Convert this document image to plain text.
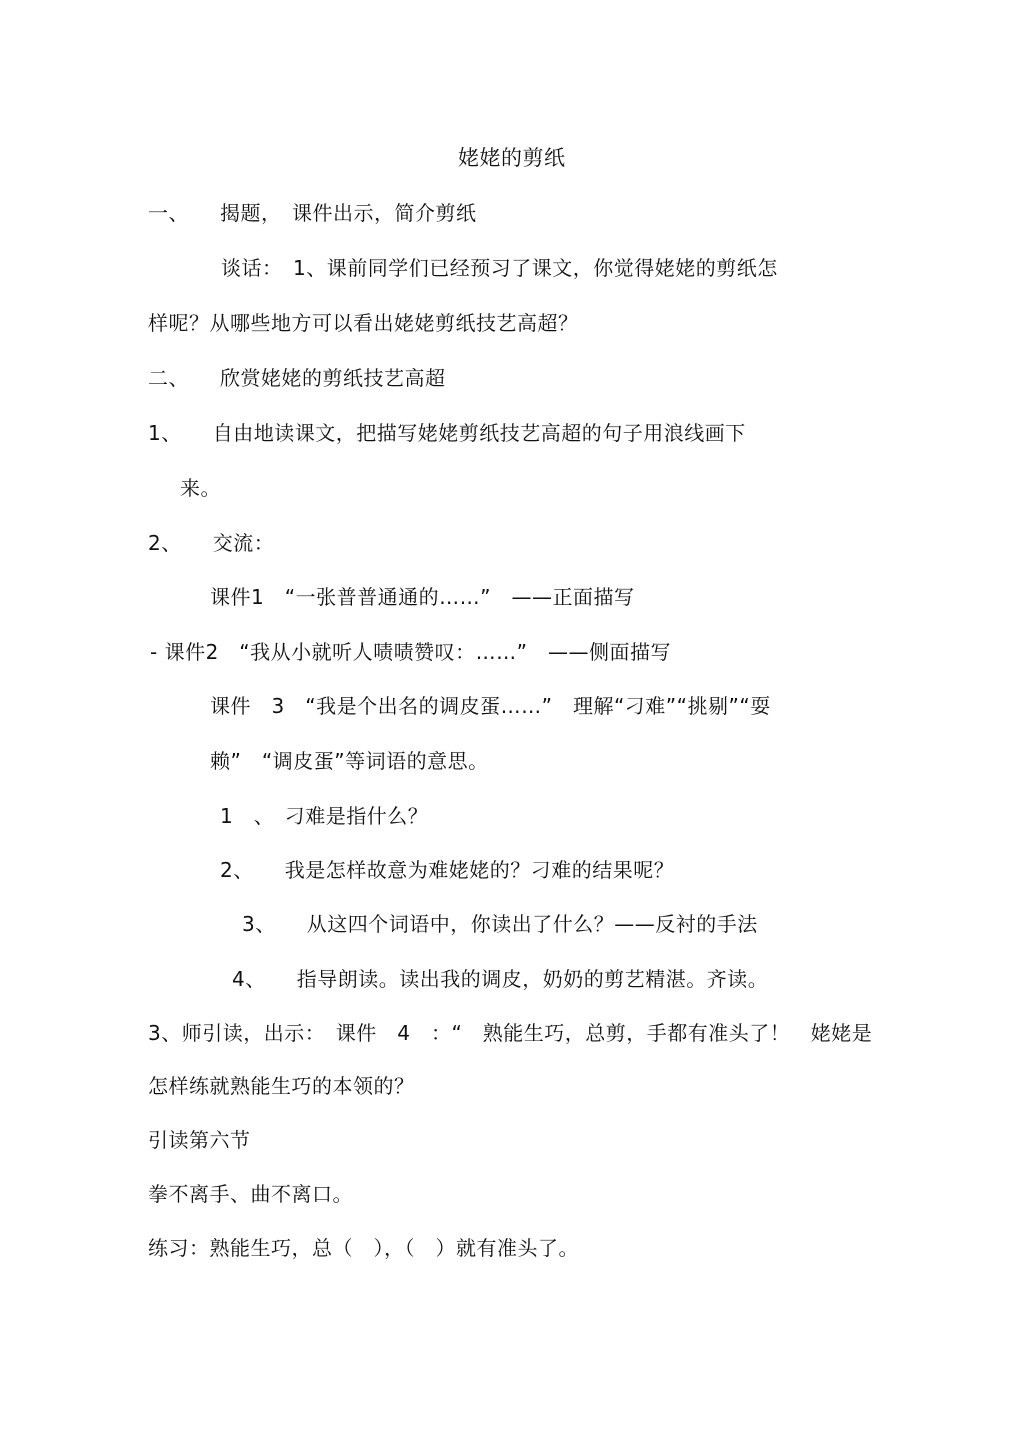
姥姥的剪纸
一、　　揭题，　课件出示，简介剪纸
谈话：　1、课前同学们已经预习了课文，你觉得姥姥的剪纸怎
样呢？从哪些地方可以看出姥姥剪纸技艺高超？
二、　　欣赏姥姥的剪纸技艺高超
1、　　自由地读课文，把描写姥姥剪纸技艺高超的句子用浪线画下
来。
2、　　交流：
课件1　“一张普普通通的……”　——正面描写
- 课件2　“我从小就听人啧啧赞叹：……”　——侧面描写
课件　3　“我是个出名的调皮蛋……”　理解“刁难”“挑剔”“耍
赖”　“调皮蛋”等词语的意思。
1　、　刁难是指什么？
2、　　我是怎样故意为难姥姥的？刁难的结果呢？
3、　　从这四个词语中，你读出了什么？——反衬的手法
4、　　指导朗读。读出我的调皮，奶奶的剪艺精湛。齐读。
3、师引读，出示：　课件　4　：“　熟能生巧，总剪，手都有准头了！　姥姥是
怎样练就熟能生巧的本领的？
引读第六节
拳不离手、曲不离口。
练习：熟能生巧，总（　），（　）就有准头了。
